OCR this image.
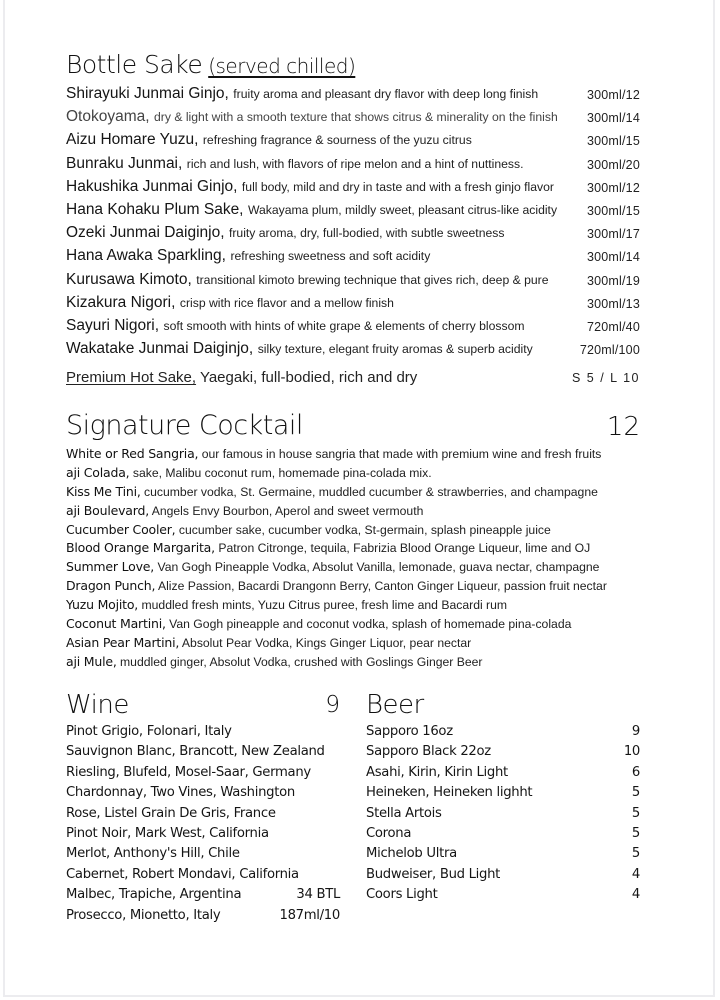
Bottle Sake (served chilled)
Shirayuki Junmai Ginjo, fruity aroma and pleasant dry flavor with deep long finish	300ml/12
Otokoyama, dry & light with a smooth texture that shows citrus & minerality on the finish 300ml/14
Aizu Homare Yuzu, refreshing fragrance & sourness of the yuzu citrus	300ml/15
Bunraku Junmai, rich and lush, with flavors of ripe melon and a hint of nuttiness.	300ml/20
Hakushika Junmai Ginjo, full body, mild and dry in taste and with a fresh ginjo flavor	300ml/12
Hana Kohaku Plum Sake, Wakayama plum, mildly sweet, pleasant citrus-like acidity 300ml/15
Ozeki Junmai Daiginjo, fruity aroma, dry, full-bodied, with subtle sweetness	300ml/17
Hana Awaka Sparkling, refreshing sweetness and soft acidity	300ml/14
Kurusawa Kimoto, transitional kimoto brewing technique that gives rich, deep & pure	300ml/19
Kizakura Nigori, crisp with rice flavor and a mellow finish	300ml/13
Sayuri Nigori, soft smooth with hints of white grape & elements of cherry blossom	720ml/40
Wakatake Junmai Daiginjo, silky texture, elegant fruity aromas & superb acidity	720ml/100
Premium Hot Sake, Yaegaki, full-bodied, rich and dry	S 5 / L 10
Signature Cocktail	12
White or Red Sangria, our famous in house sangria that made with premium wine and fresh fruits
aji Colada, sake, Malibu coconut rum, homemade pina-colada mix.
Kiss Me Tini, cucumber vodka, St. Germaine, muddled cucumber & strawberries, and champagne
aji Boulevard, Angels Envy Bourbon, Aperol and sweet vermouth
Cucumber Cooler, cucumber sake, cucumber vodka, St-germain, splash pineapple juice
Blood Orange Margarita, Patron Citronge, tequila, Fabrizia Blood Orange Liqueur, lime and OJ
Summer Love, Van Gogh Pineapple Vodka, Absolut Vanilla, lemonade, guava nectar, champagne
Dragon Punch, Alize Passion, Bacardi Drangonn Berry, Canton Ginger Liqueur, passion fruit nectar
Yuzu Mojito, muddled fresh mints, Yuzu Citrus puree, fresh lime and Bacardi rum
Coconut Martini, Van Gogh pineapple and coconut vodka, splash of homemade pina-colada
Asian Pear Martini, Absolut Pear Vodka, Kings Ginger Liquor, pear nectar
aji Mule, muddled ginger, Absolut Vodka, crushed with Goslings Ginger Beer
Wine	9
Pinot Grigio, Folonari, Italy
Sauvignon Blanc, Brancott, New Zealand
Riesling, Blufeld, Mosel-Saar, Germany
Chardonnay, Two Vines, Washington
Rose, Listel Grain De Gris, France
Pinot Noir, Mark West, California
Merlot, Anthony's Hill, Chile
Cabernet, Robert Mondavi, California
Malbec, Trapiche, Argentina	34 BTL
Prosecco, Mionetto, Italy	187ml/10
Beer
Sapporo 16oz	9
Sapporo Black 22oz	10
Asahi, Kirin, Kirin Light	6
Heineken, Heineken lighht	5
Stella Artois	5
Corona	5
Michelob Ultra	5
Budweiser, Bud Light	4
Coors Light	4
